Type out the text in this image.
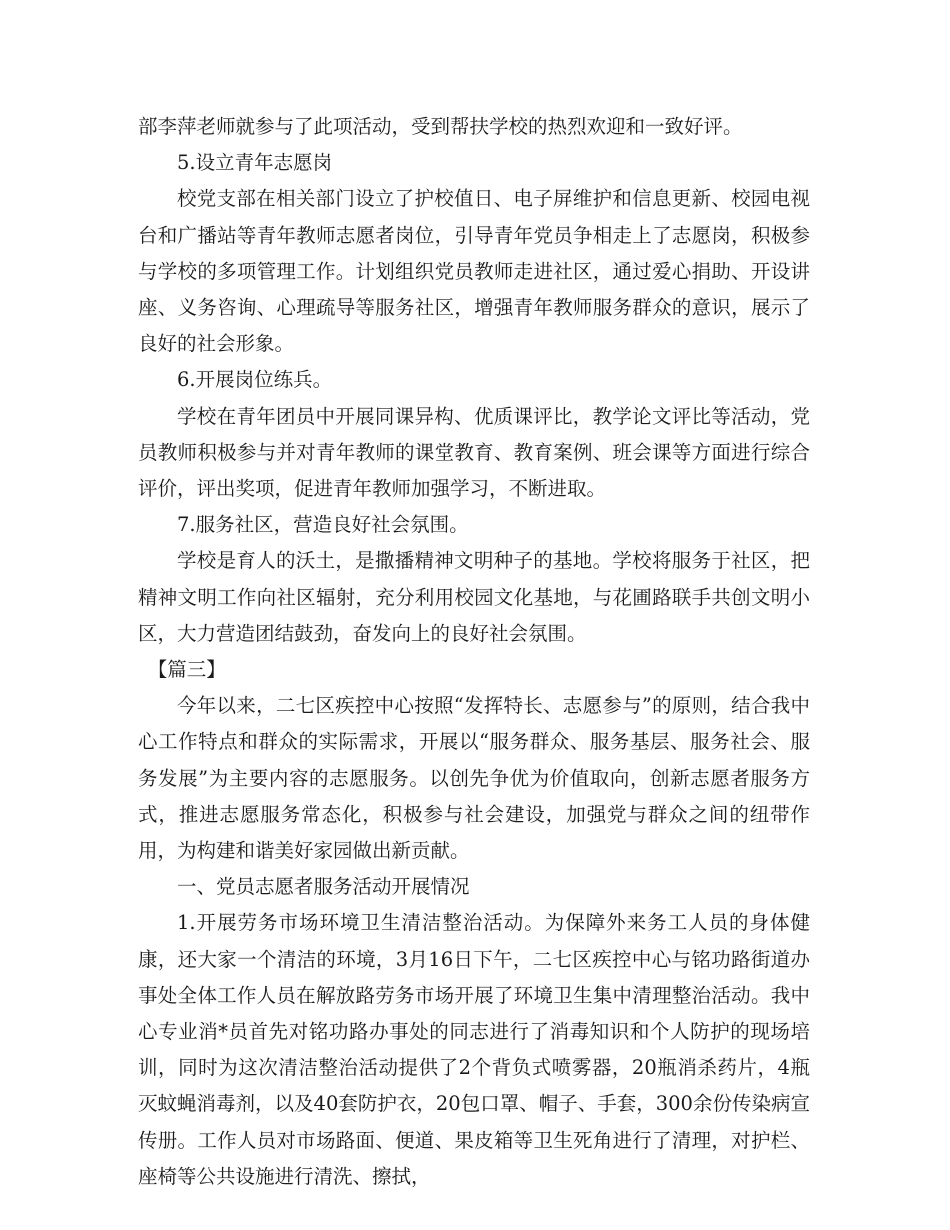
部李萍老师就参与了此项活动，受到帮扶学校的热烈欢迎和一致好评。

5.设立青年志愿岗

校党支部在相关部门设立了护校值日、电子屏维护和信息更新、校园电视台和广播站等青年教师志愿者岗位，引导青年党员争相走上了志愿岗，积极参与学校的多项管理工作。计划组织党员教师走进社区，通过爱心捐助、开设讲座、义务咨询、心理疏导等服务社区，增强青年教师服务群众的意识，展示了良好的社会形象。

6.开展岗位练兵。

学校在青年团员中开展同课异构、优质课评比，教学论文评比等活动，党员教师积极参与并对青年教师的课堂教育、教育案例、班会课等方面进行综合评价，评出奖项，促进青年教师加强学习，不断进取。

7.服务社区，营造良好社会氛围。

学校是育人的沃土，是撒播精神文明种子的基地。学校将服务于社区，把精神文明工作向社区辐射，充分利用校园文化基地，与花圃路联手共创文明小区，大力营造团结鼓劲，奋发向上的良好社会氛围。

【篇三】

今年以来，二七区疾控中心按照“发挥特长、志愿参与”的原则，结合我中心工作特点和群众的实际需求，开展以“服务群众、服务基层、服务社会、服务发展”为主要内容的志愿服务。以创先争优为价值取向，创新志愿者服务方式，推进志愿服务常态化，积极参与社会建设，加强党与群众之间的纽带作用，为构建和谐美好家园做出新贡献。

一、党员志愿者服务活动开展情况

1.开展劳务市场环境卫生清洁整治活动。为保障外来务工人员的身体健康，还大家一个清洁的环境，3月16日下午，二七区疾控中心与铭功路街道办事处全体工作人员在解放路劳务市场开展了环境卫生集中清理整治活动。我中心专业消*员首先对铭功路办事处的同志进行了消毒知识和个人防护的现场培训，同时为这次清洁整治活动提供了2个背负式喷雾器，20瓶消杀药片，4瓶灭蚊蝇消毒剂，以及40套防护衣，20包口罩、帽子、手套，300余份传染病宣传册。工作人员对市场路面、便道、果皮箱等卫生死角进行了清理，对护栏、座椅等公共设施进行清洗、擦拭，
